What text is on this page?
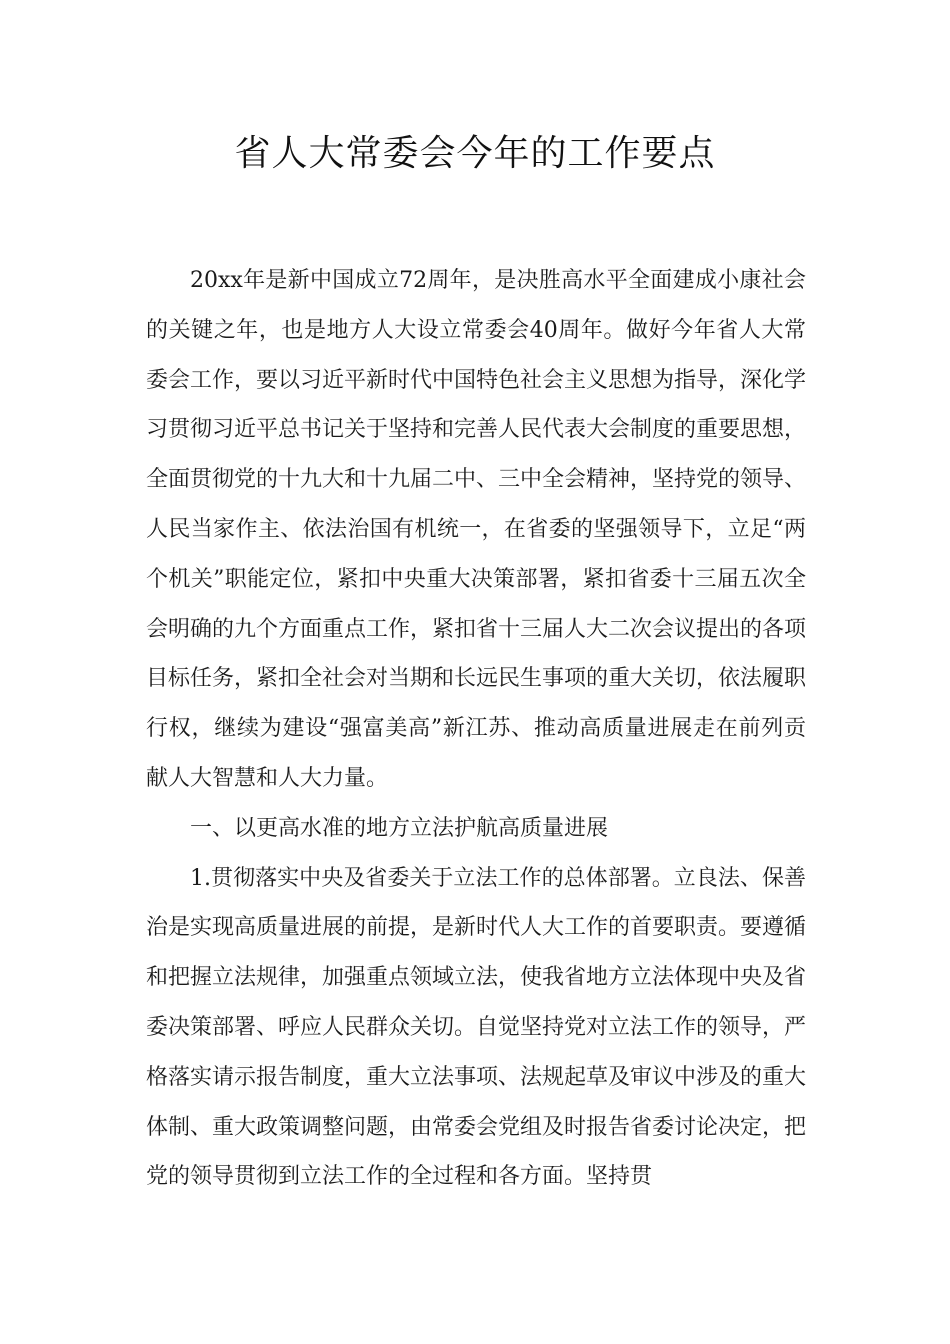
省人大常委会今年的工作要点

20xx年是新中国成立72周年，是决胜高水平全面建成小康社会的关键之年，也是地方人大设立常委会40周年。做好今年省人大常委会工作，要以习近平新时代中国特色社会主义思想为指导，深化学习贯彻习近平总书记关于坚持和完善人民代表大会制度的重要思想，全面贯彻党的十九大和十九届二中、三中全会精神，坚持党的领导、人民当家作主、依法治国有机统一，在省委的坚强领导下，立足“两个机关”职能定位，紧扣中央重大决策部署，紧扣省委十三届五次全会明确的九个方面重点工作，紧扣省十三届人大二次会议提出的各项目标任务，紧扣全社会对当期和长远民生事项的重大关切，依法履职行权，继续为建设“强富美高”新江苏、推动高质量进展走在前列贡献人大智慧和人大力量。

一、以更高水准的地方立法护航高质量进展

1.贯彻落实中央及省委关于立法工作的总体部署。立良法、保善治是实现高质量进展的前提，是新时代人大工作的首要职责。要遵循和把握立法规律，加强重点领域立法，使我省地方立法体现中央及省委决策部署、呼应人民群众关切。自觉坚持党对立法工作的领导，严格落实请示报告制度，重大立法事项、法规起草及审议中涉及的重大体制、重大政策调整问题，由常委会党组及时报告省委讨论决定，把党的领导贯彻到立法工作的全过程和各方面。坚持贯
